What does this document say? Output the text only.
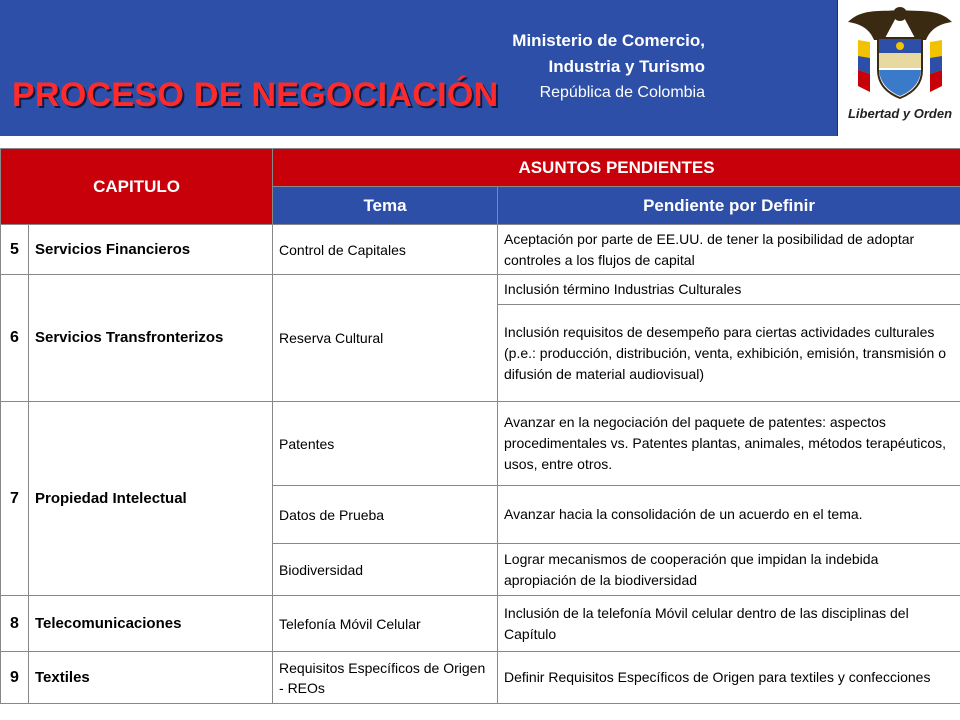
PROCESO DE NEGOCIACIÓN
Ministerio de Comercio,
Industria y Turismo
República de Colombia
Libertad y Orden
CAPITULO		ASUNTOS PENDIENTES	
		Tema	Pendiente por Definir
5	Servicios Financieros	Control de Capitales	Aceptación por parte de EE.UU. de tener la posibilidad de adoptar controles a los flujos de capital
6	Servicios Transfronterizos	Reserva Cultural	Inclusión término Industrias Culturales
			Inclusión requisitos de desempeño para ciertas actividades culturales (p.e.: producción, distribución, venta, exhibición, emisión, transmisión o difusión de material audiovisual)
7	Propiedad Intelectual	Patentes	Avanzar en la negociación del paquete de patentes: aspectos procedimentales vs. Patentes plantas, animales, métodos terapéuticos, usos, entre otros.
		Datos de Prueba	Avanzar hacia la consolidación de un acuerdo en el tema.
		Biodiversidad	Lograr mecanismos de cooperación que impidan la indebida apropiación de la biodiversidad
8	Telecomunicaciones	Telefonía Móvil Celular	Inclusión de la telefonía Móvil celular dentro de las disciplinas del Capítulo
9	Textiles	Requisitos Específicos de Origen - REOs	Definir Requisitos Específicos de Origen para textiles y confecciones
